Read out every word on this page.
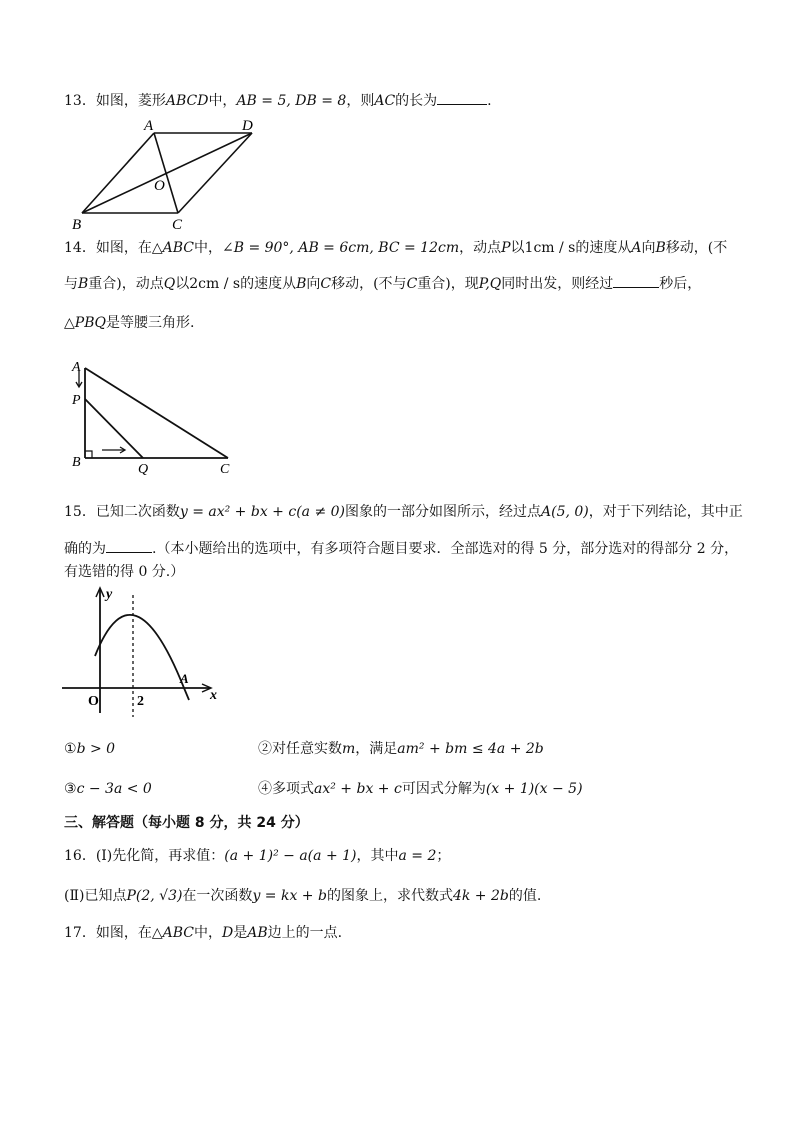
13．如图，菱形ABCD中，AB = 5, DB = 8，则AC的长为	.
A	D
O
B	C
14．如图，在△ABC中，∠B = 90°, AB = 6cm, BC = 12cm，动点P以1cm / s的速度从A向B移动，(不
与B重合)，动点Q以2cm / s的速度从B向C移动，(不与C重合)，现P,Q同时出发，则经过	秒后，
△PBQ是等腰三角形.
A
P
B	Q	C
15．已知二次函数y = ax² + bx + c(a ≠ 0)图象的一部分如图所示，经过点A(5, 0)，对于下列结论，其中正
确的为	.（本小题给出的选项中，有多项符合题目要求．全部选对的得 5 分，部分选对的得部分 2 分，
有选错的得 0 分.）
y
x
O	2
A
①b > 0	②对任意实数m，满足am² + bm ≤ 4a + 2b
③c − 3a < 0	④多项式ax² + bx + c可因式分解为(x + 1)(x − 5)
三、解答题（每小题 8 分，共 24 分）
16．(Ⅰ)先化简，再求值：(a + 1)² − a(a + 1)，其中a = 2；
(Ⅱ)已知点P(2, √3)在一次函数y = kx + b的图象上，求代数式4k + 2b的值.
17．如图，在△ABC中，D是AB边上的一点.
